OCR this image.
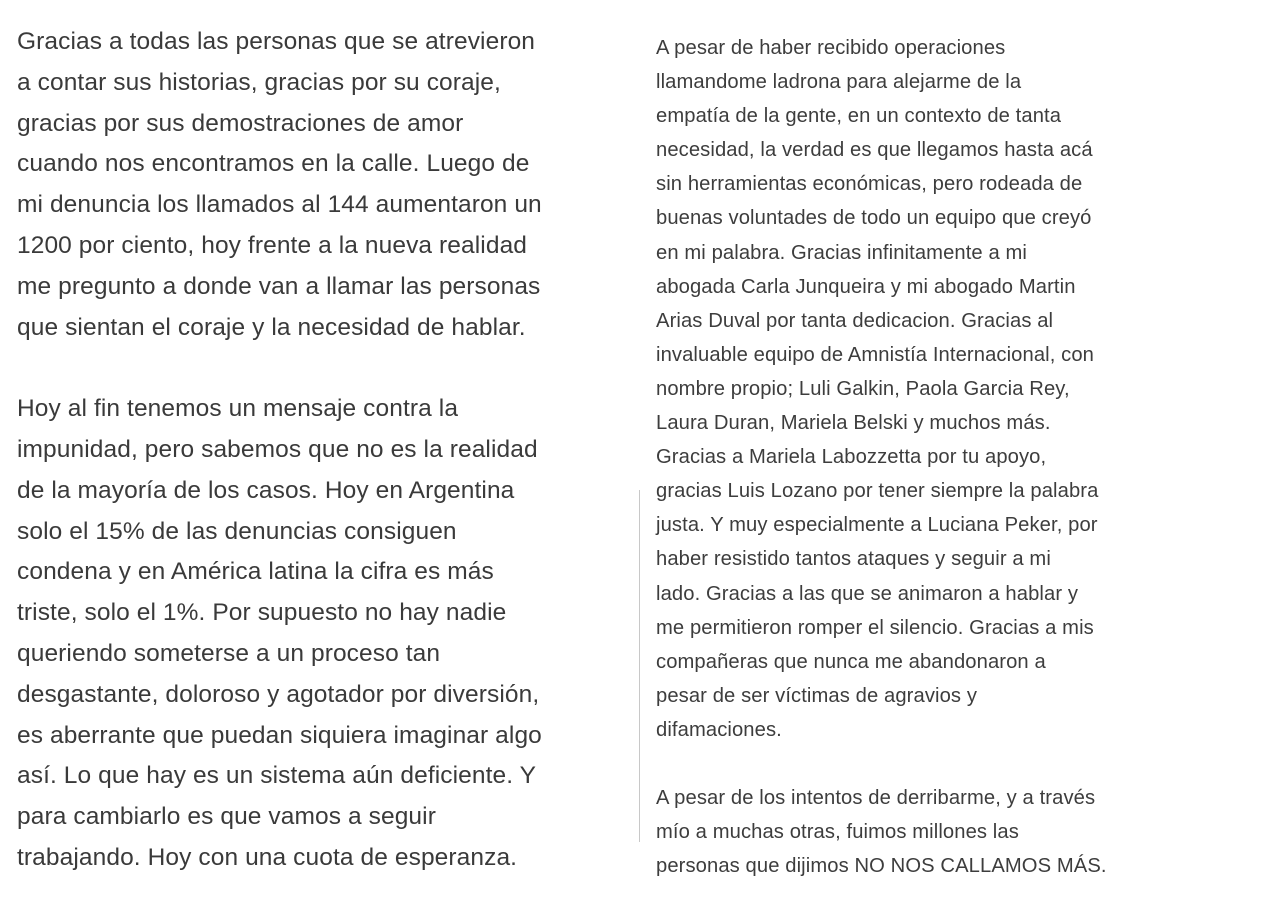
Gracias a todas las personas que se atrevieron
a contar sus historias, gracias por su coraje,
gracias por sus demostraciones de amor
cuando nos encontramos en la calle. Luego de
mi denuncia los llamados al 144 aumentaron un
1200 por ciento, hoy frente a la nueva realidad
me pregunto a donde van a llamar las personas
que sientan el coraje y la necesidad de hablar.
Hoy al fin tenemos un mensaje contra la
impunidad, pero sabemos que no es la realidad
de la mayoría de los casos. Hoy en Argentina
solo el 15% de las denuncias consiguen
condena y en América latina la cifra es más
triste, solo el 1%. Por supuesto no hay nadie
queriendo someterse a un proceso tan
desgastante, doloroso y agotador por diversión,
es aberrante que puedan siquiera imaginar algo
así. Lo que hay es un sistema aún deficiente. Y
para cambiarlo es que vamos a seguir
trabajando. Hoy con una cuota de esperanza.
A pesar de haber recibido operaciones
llamandome ladrona para alejarme de la
empatía de la gente, en un contexto de tanta
necesidad, la verdad es que llegamos hasta acá
sin herramientas económicas, pero rodeada de
buenas voluntades de todo un equipo que creyó
en mi palabra. Gracias infinitamente a mi
abogada Carla Junqueira y mi abogado Martin
Arias Duval por tanta dedicacion. Gracias al
invaluable equipo de Amnistía Internacional, con
nombre propio; Luli Galkin, Paola Garcia Rey,
Laura Duran, Mariela Belski y muchos más.
Gracias a Mariela Labozzetta por tu apoyo,
gracias Luis Lozano por tener siempre la palabra
justa. Y muy especialmente a Luciana Peker, por
haber resistido tantos ataques y seguir a mi
lado. Gracias a las que se animaron a hablar y
me permitieron romper el silencio. Gracias a mis
compañeras que nunca me abandonaron a
pesar de ser víctimas de agravios y
difamaciones.
A pesar de los intentos de derribarme, y a través
mío a muchas otras, fuimos millones las
personas que dijimos NO NOS CALLAMOS MÁS.
